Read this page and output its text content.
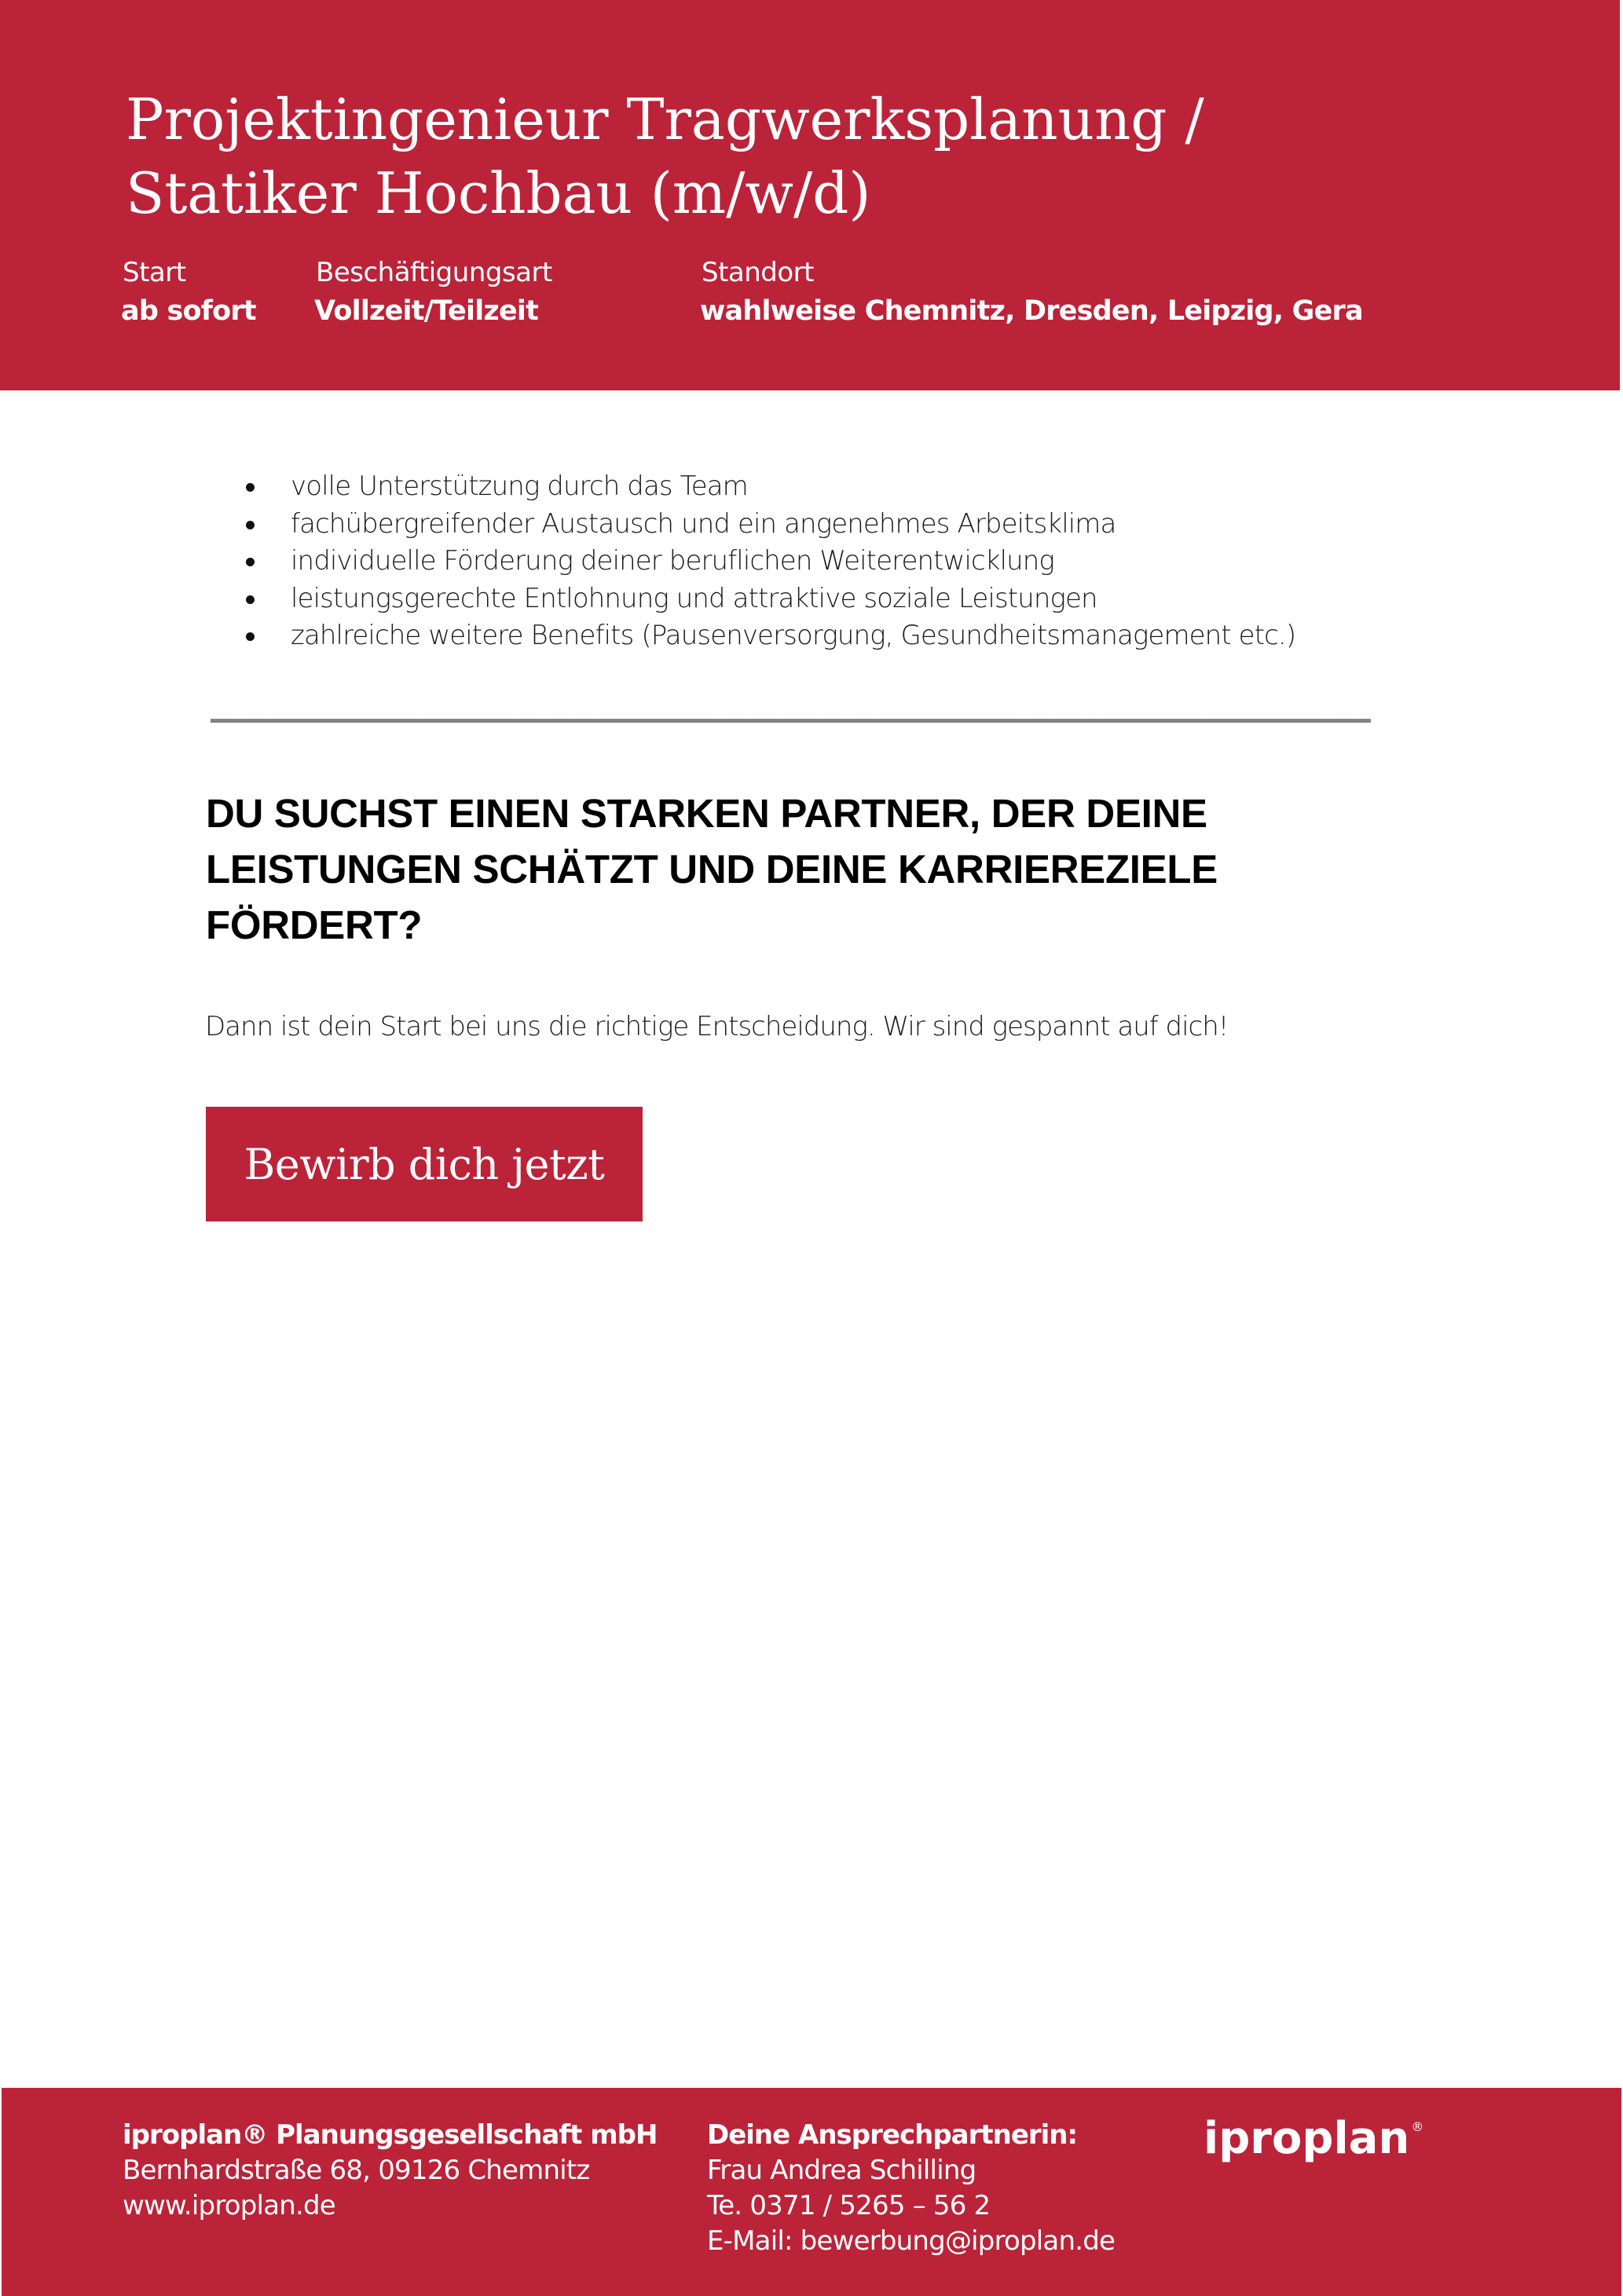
Projektingenieur Tragwerksplanung /
Statiker Hochbau (m/w/d)
Start
ab sofort
Beschäftigungsart
Vollzeit/Teilzeit
Standort
wahlweise Chemnitz, Dresden, Leipzig, Gera
volle Unterstützung durch das Team
fachübergreifender Austausch und ein angenehmes Arbeitsklima
individuelle Förderung deiner beruflichen Weiterentwicklung
leistungsgerechte Entlohnung und attraktive soziale Leistungen
zahlreiche weitere Benefits (Pausenversorgung, Gesundheitsmanagement etc.)
DU SUCHST EINEN STARKEN PARTNER, DER DEINE
LEISTUNGEN SCHÄTZT UND DEINE KARRIEREZIELE
FÖRDERT?

Dann ist dein Start bei uns die richtige Entscheidung. Wir sind gespannt auf dich!

Bewirb dich jetzt
iproplan® Planungsgesellschaft mbH
Bernhardstraße 68, 09126 Chemnitz
www.iproplan.de
Deine Ansprechpartnerin:
Frau Andrea Schilling
Te. 0371 / 5265 – 56 2
E-Mail: bewerbung@iproplan.de
iproplan ®
